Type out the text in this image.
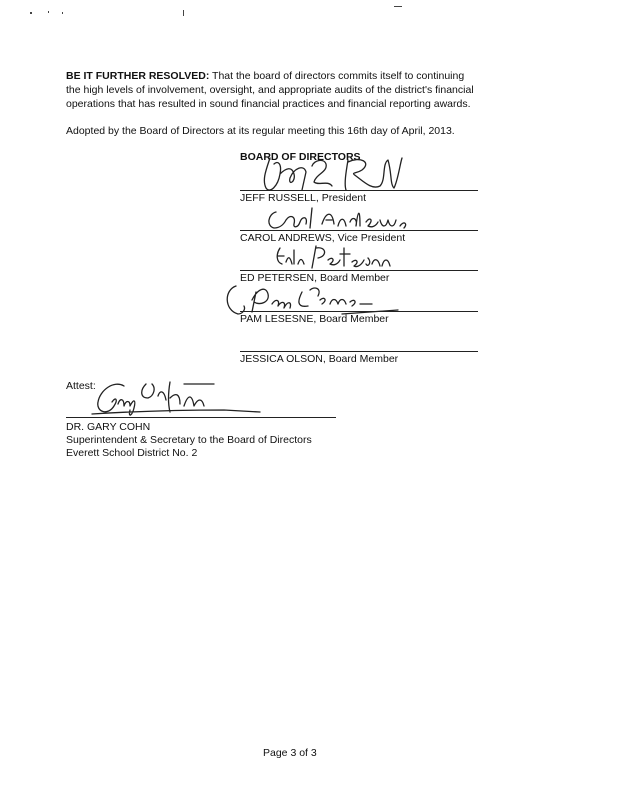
BE IT FURTHER RESOLVED: That the board of directors commits itself to continuing
the high levels of involvement, oversight, and appropriate audits of the district's financial
operations that has resulted in sound financial practices and financial reporting awards.
Adopted by the Board of Directors at its regular meeting this 16th day of April, 2013.
BOARD OF DIRECTORS
JEFF RUSSELL, President
CAROL ANDREWS, Vice President
ED PETERSEN, Board Member
PAM LESESNE, Board Member
JESSICA OLSON, Board Member
Attest:
DR. GARY COHN
Superintendent & Secretary to the Board of Directors
Everett School District No. 2
Page 3 of 3
